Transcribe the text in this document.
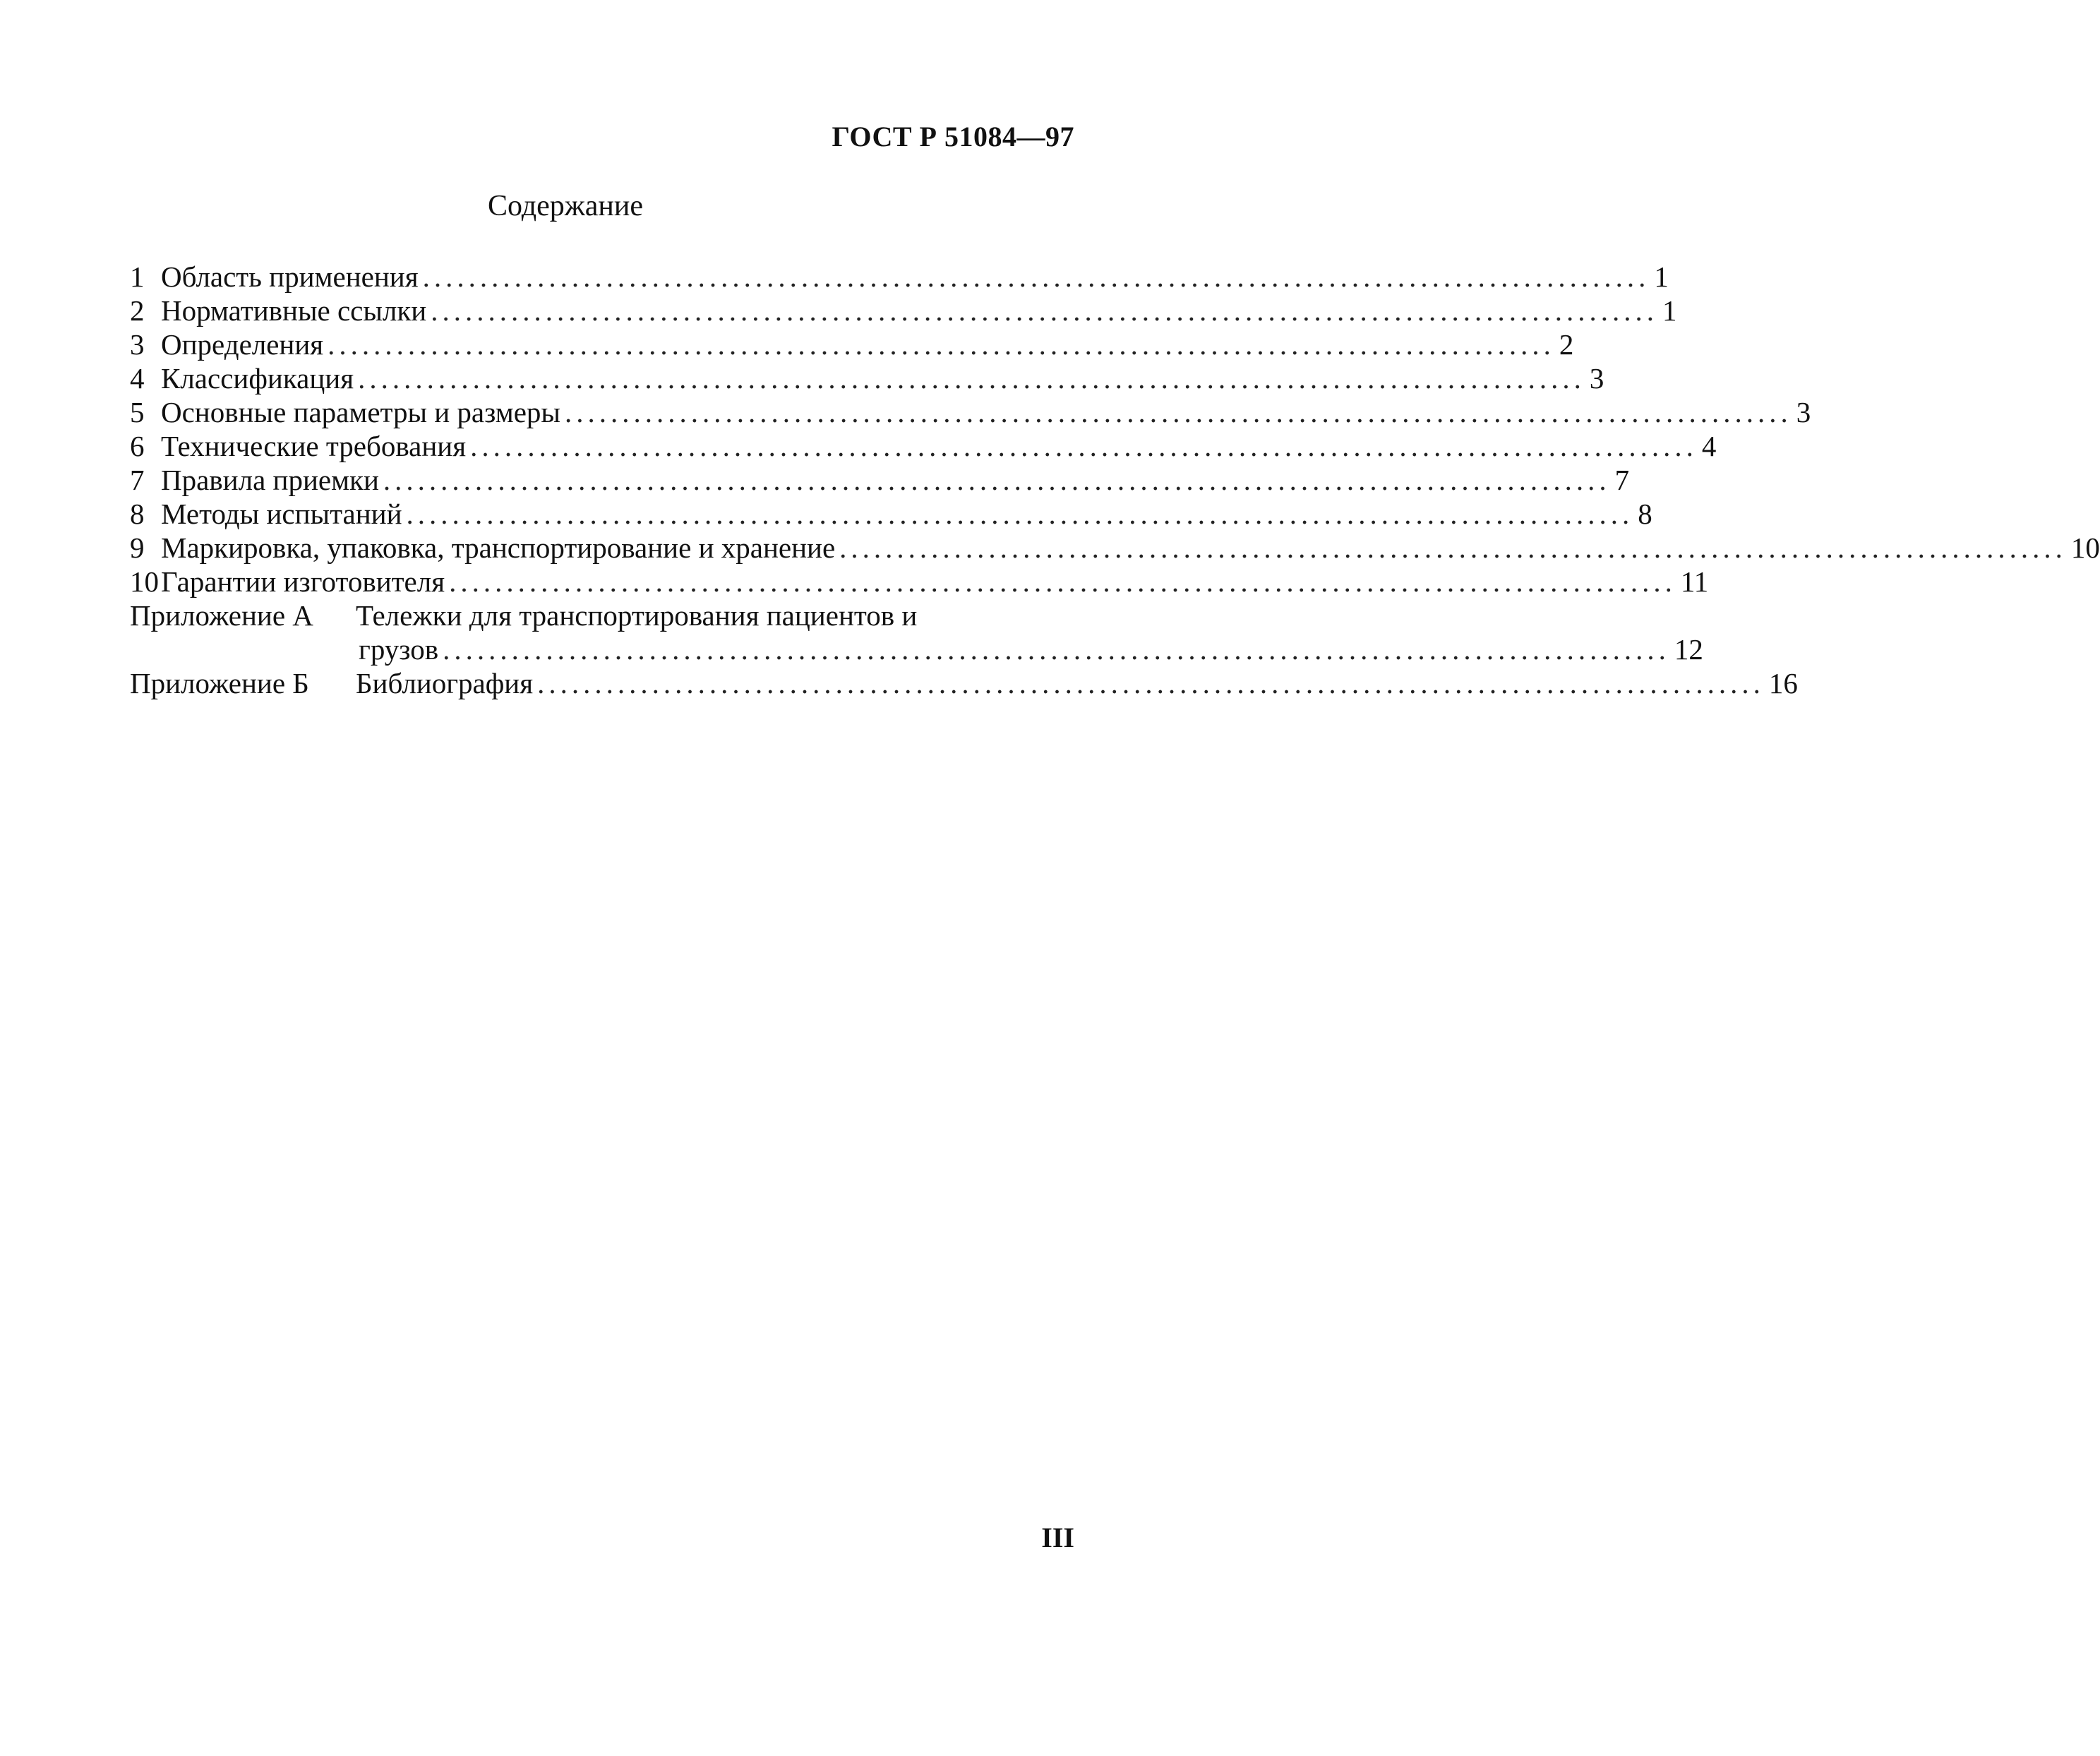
ГОСТ Р 51084—97
Содержание
1 Область применения ........................................................................................................... 1
2 Нормативные ссылки ........................................................................................................... 1
3 Определения ........................................................................................................... 2
4 Классификация ........................................................................................................... 3
5 Основные параметры и размеры ........................................................................................................... 3
6 Технические требования ........................................................................................................... 4
7 Правила приемки ........................................................................................................... 7
8 Методы испытаний ........................................................................................................... 8
9 Маркировка, упаковка, транспортирование и хранение ........................................................................................................... 10
10 Гарантии изготовителя ........................................................................................................... 11
Приложение А	Тележки для транспортирования пациентов и
грузов ........................................................................................................... 12
Приложение Б	Библиография ........................................................................................................... 16
III
